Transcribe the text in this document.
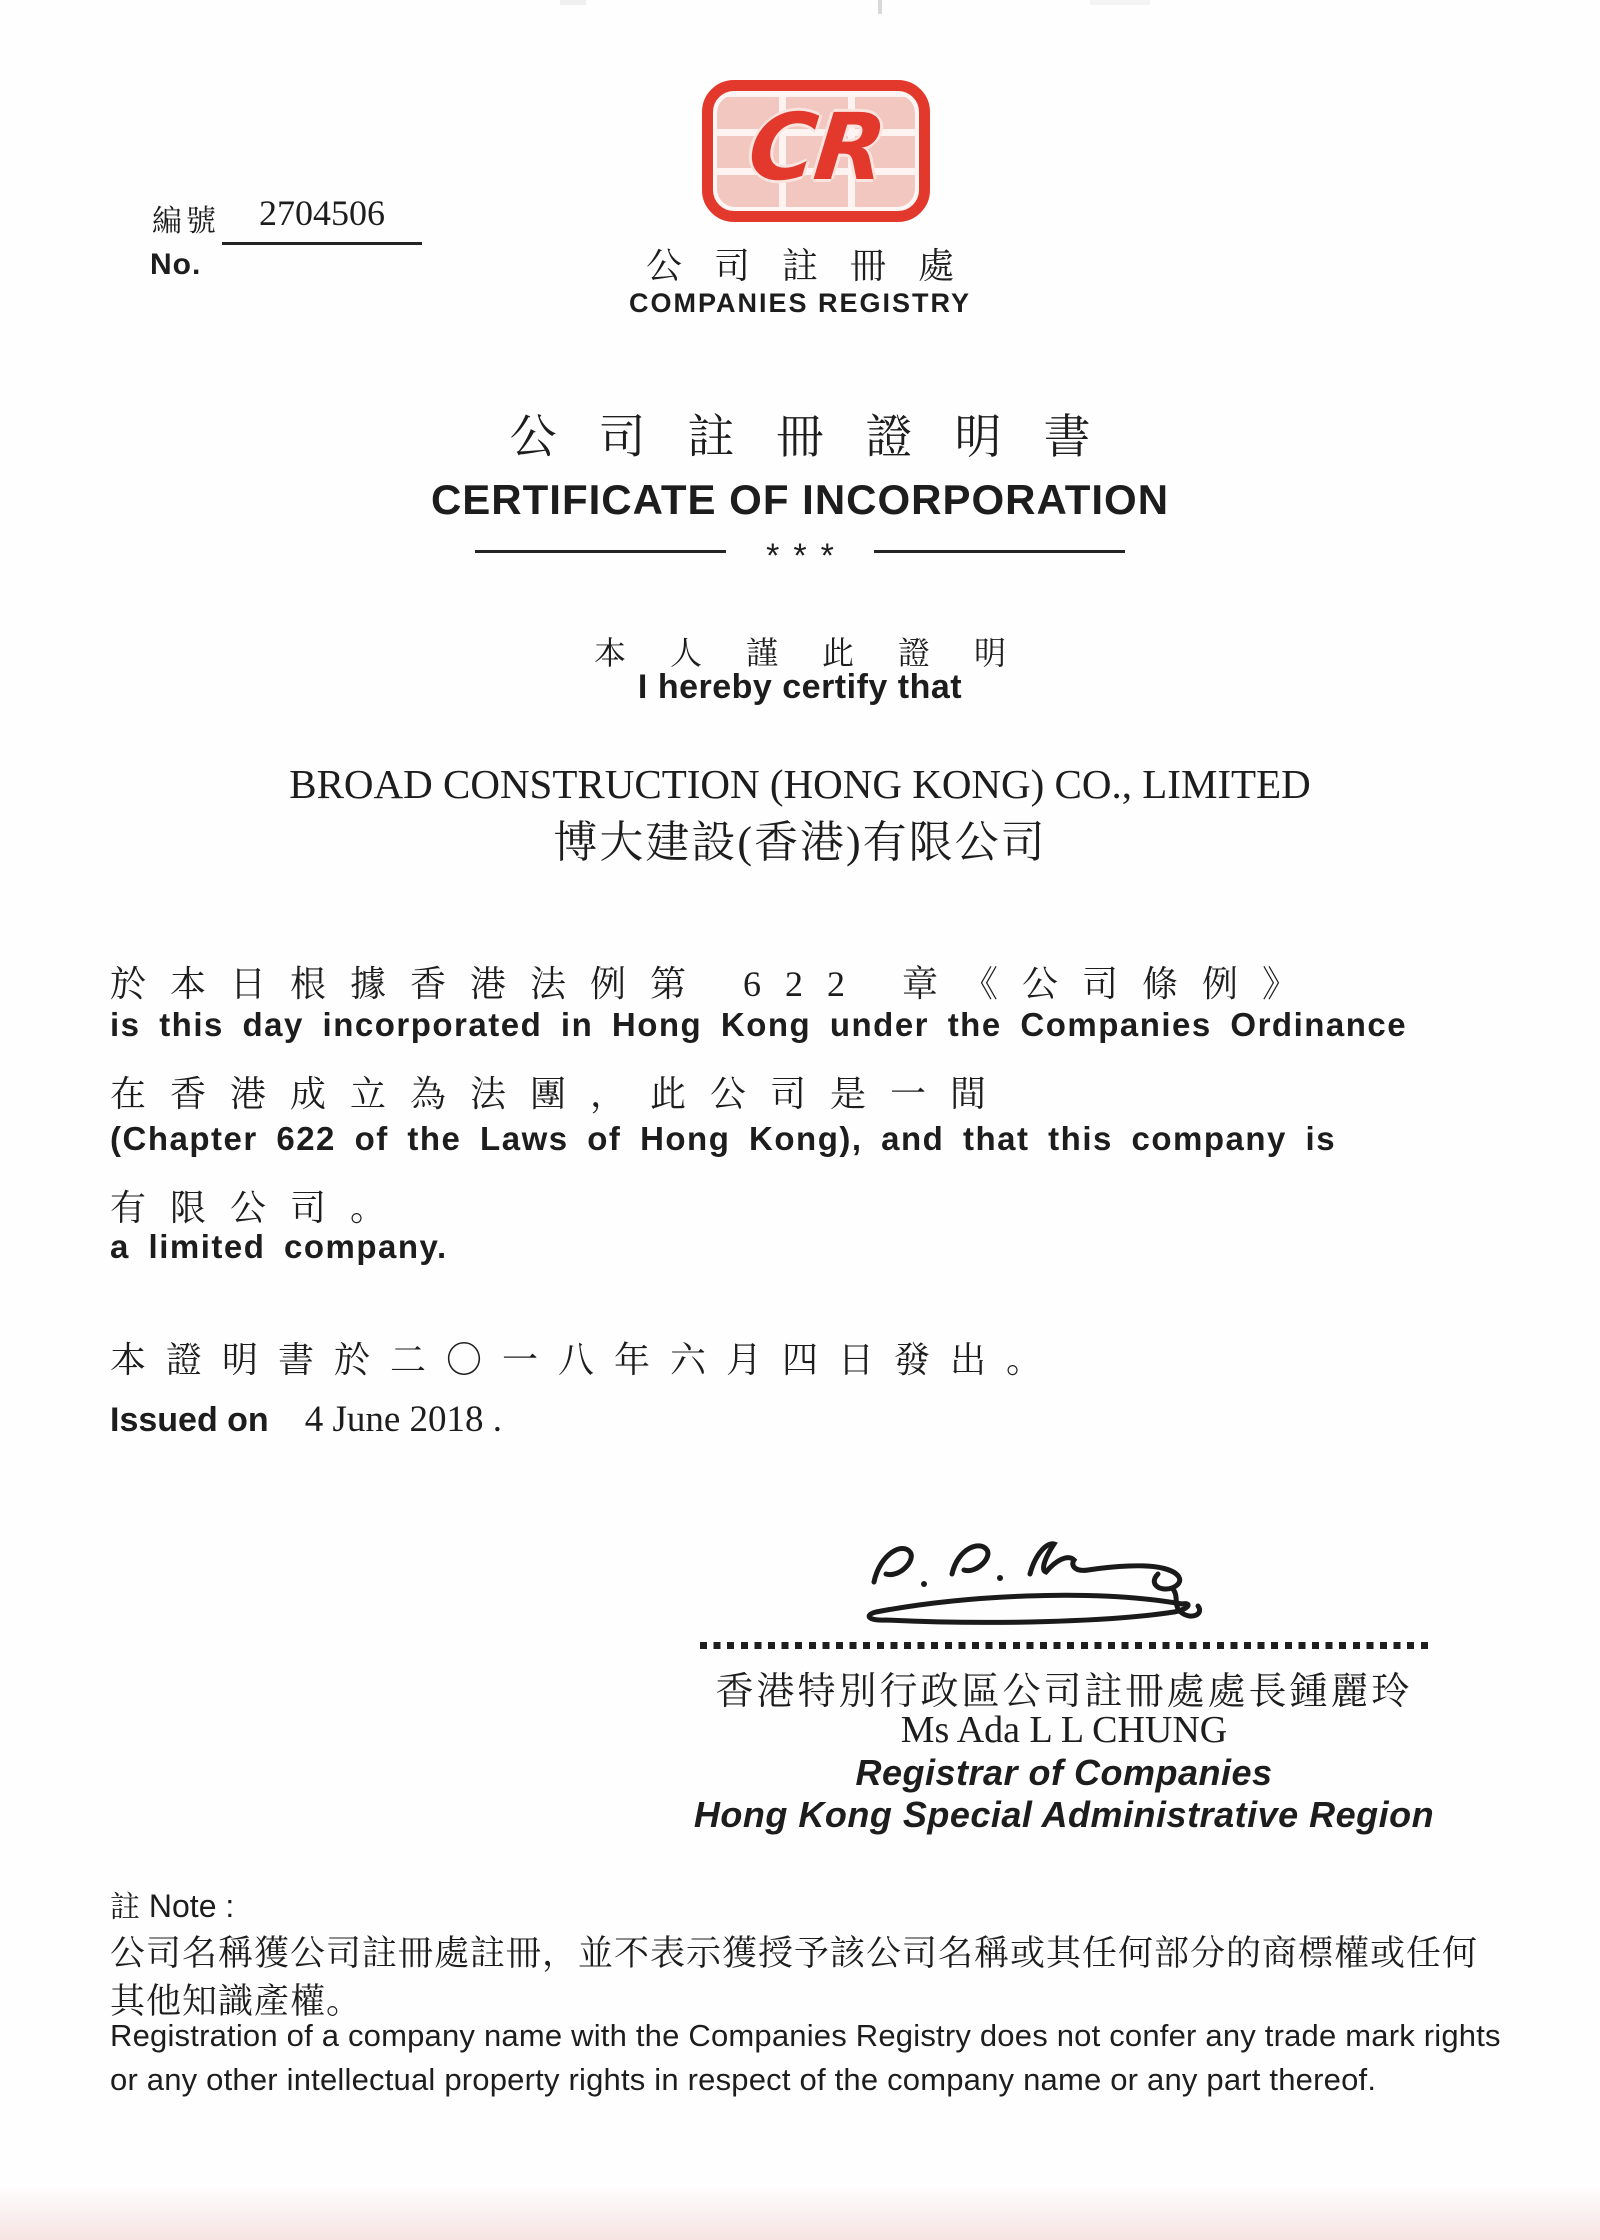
編號	2704506
No.
CR
公司註冊處
COMPANIES REGISTRY
公司註冊證明書
CERTIFICATE OF INCORPORATION
***
本 人 謹 此 證 明
I hereby certify that
BROAD CONSTRUCTION (HONG KONG) CO., LIMITED
博大建設(香港)有限公司
於本日根據香港法例第 622 章《公司條例》
is this day incorporated in Hong Kong under the Companies Ordinance
在香港成立為法團，此公司是一間
(Chapter 622 of the Laws of Hong Kong), and that this company is
有限公司。
a limited company.
本證明書於二〇一八年六月四日發出。
Issued on 4 June 2018 .
香港特別行政區公司註冊處處長鍾麗玲
Ms Ada L L CHUNG
Registrar of Companies
Hong Kong Special Administrative Region
註 Note :
公司名稱獲公司註冊處註冊，並不表示獲授予該公司名稱或其任何部分的商標權或任何
其他知識產權。
Registration of a company name with the Companies Registry does not confer any trade mark rights
or any other intellectual property rights in respect of the company name or any part thereof.
